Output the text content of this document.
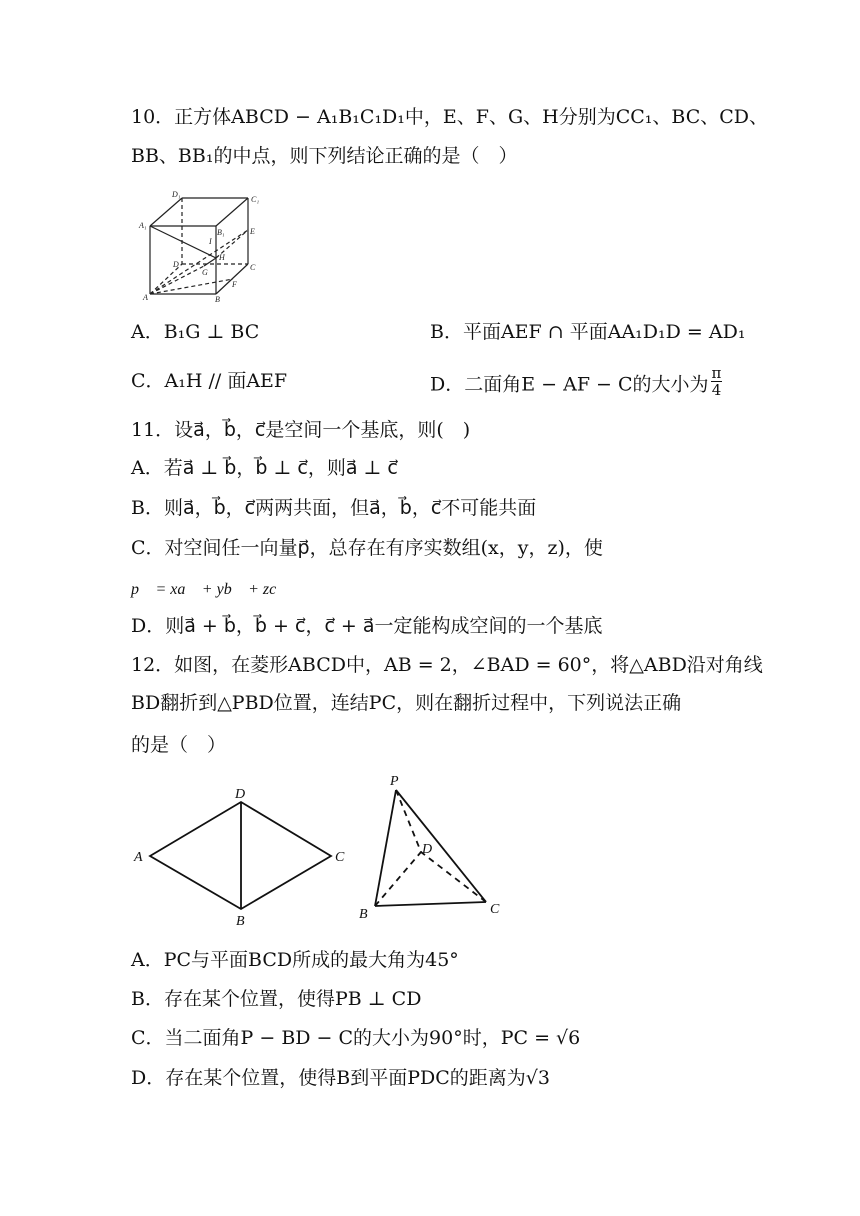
10．正方体ABCD − A₁B₁C₁D₁中，E、F、G、H分别为CC₁、BC、CD、
BB、BB₁的中点，则下列结论正确的是（　）
D₁
C₁
A₁
B₁	E
I
H
D
G
C
A	B
F
A．B₁G ⊥ BC	B．平面AEF ∩ 平面AA₁D₁D = AD₁
C．A₁H // 面AEF	D．二面角E − AF − C的大小为 $\frac{\pi}{4}$
11．设a⃗，b⃗，c⃗是空间一个基底，则(　)
A．若a⃗ ⊥ b⃗，b⃗ ⊥ c⃗，则a⃗ ⊥ c⃗
B．则a⃗，b⃗，c⃗两两共面，但a⃗，b⃗，c⃗不可能共面
C．对空间任一向量p⃗，总存在有序实数组(x，y，z)，使
p⃗ = xa⃗ + yb⃗ + zc⃗
D．则a⃗ + b⃗，b⃗ + c⃗，c⃗ + a⃗一定能构成空间的一个基底
12．如图，在菱形ABCD中，AB = 2，∠BAD = 60°，将△ABD沿对角线
BD翻折到△PBD位置，连结PC，则在翻折过程中，下列说法正确
的是（　）
A
D
C
B
P
D
B	C
A．PC与平面BCD所成的最大角为45°
B．存在某个位置，使得PB ⊥ CD
C．当二面角P − BD − C的大小为90°时，PC = √6
D．存在某个位置，使得B到平面PDC的距离为√3
